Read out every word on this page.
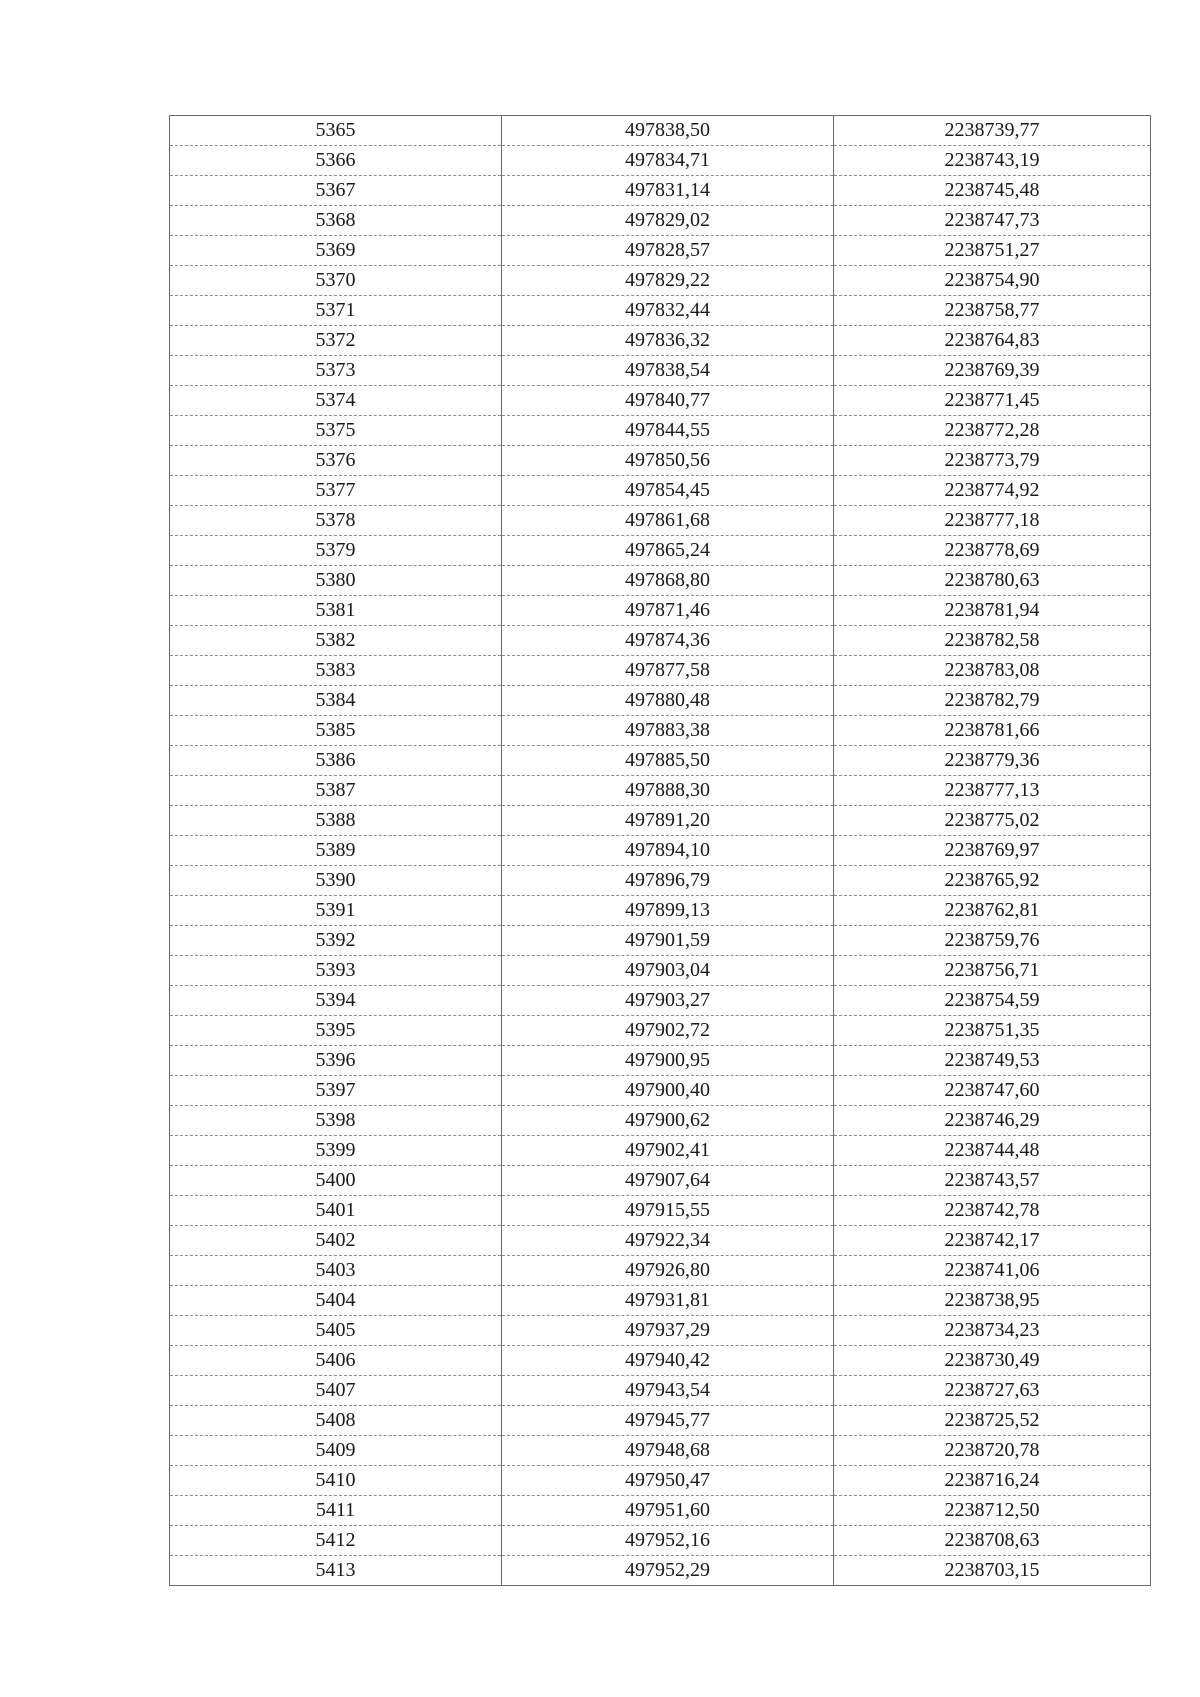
5365	497838,50	2238739,77
5366	497834,71	2238743,19
5367	497831,14	2238745,48
5368	497829,02	2238747,73
5369	497828,57	2238751,27
5370	497829,22	2238754,90
5371	497832,44	2238758,77
5372	497836,32	2238764,83
5373	497838,54	2238769,39
5374	497840,77	2238771,45
5375	497844,55	2238772,28
5376	497850,56	2238773,79
5377	497854,45	2238774,92
5378	497861,68	2238777,18
5379	497865,24	2238778,69
5380	497868,80	2238780,63
5381	497871,46	2238781,94
5382	497874,36	2238782,58
5383	497877,58	2238783,08
5384	497880,48	2238782,79
5385	497883,38	2238781,66
5386	497885,50	2238779,36
5387	497888,30	2238777,13
5388	497891,20	2238775,02
5389	497894,10	2238769,97
5390	497896,79	2238765,92
5391	497899,13	2238762,81
5392	497901,59	2238759,76
5393	497903,04	2238756,71
5394	497903,27	2238754,59
5395	497902,72	2238751,35
5396	497900,95	2238749,53
5397	497900,40	2238747,60
5398	497900,62	2238746,29
5399	497902,41	2238744,48
5400	497907,64	2238743,57
5401	497915,55	2238742,78
5402	497922,34	2238742,17
5403	497926,80	2238741,06
5404	497931,81	2238738,95
5405	497937,29	2238734,23
5406	497940,42	2238730,49
5407	497943,54	2238727,63
5408	497945,77	2238725,52
5409	497948,68	2238720,78
5410	497950,47	2238716,24
5411	497951,60	2238712,50
5412	497952,16	2238708,63
5413	497952,29	2238703,15
